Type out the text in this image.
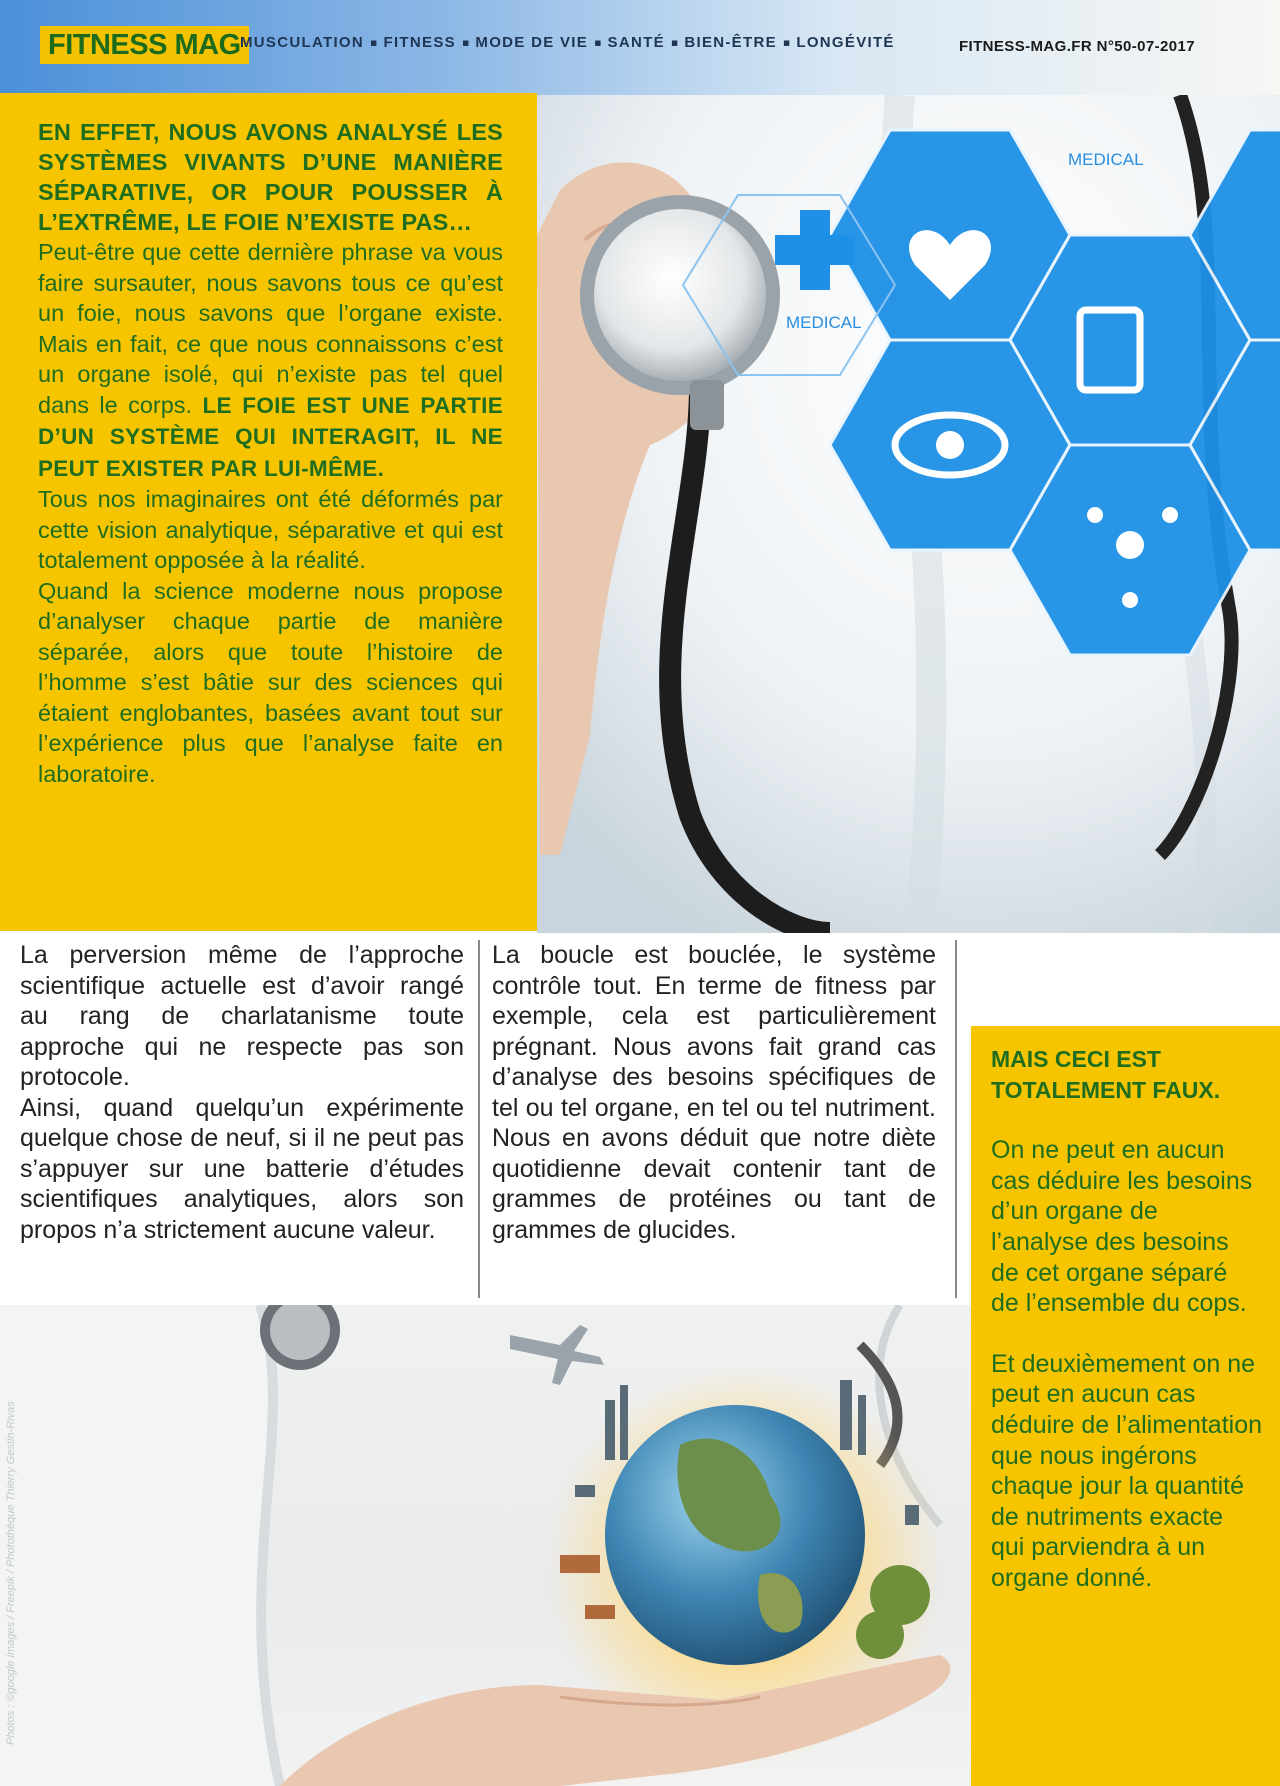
FITNESS MAG MUSCULATION ▪ FITNESS ▪ MODE DE VIE ▪ SANTÉ ▪ BIEN-ÊTRE ▪ LONGÉVITÉ	FITNESS-MAG.FR N°50-07-2017
MEDICAL
MEDICAL

EN EFFET, NOUS AVONS ANALYSÉ LES SYSTÈMES VIVANTS D’UNE MANIÈRE SÉPARATIVE, OR POUR POUSSER À L’EXTRÊME, LE FOIE N’EXISTE PAS…

Peut-être que cette dernière phrase va vous faire sursauter, nous savons tous ce qu’est un foie, nous savons que l’organe existe. Mais en fait, ce que nous connaissons c’est un organe isolé, qui n’existe pas tel quel dans le corps. LE FOIE EST UNE PARTIE D’UN SYSTÈME QUI INTERAGIT, IL NE PEUT EXISTER PAR LUI-MÊME.

Tous nos imaginaires ont été déformés par cette vision analytique, séparative et qui est totalement opposée à la réalité.

Quand la science moderne nous propose d’analyser chaque partie de manière séparée, alors que toute l’histoire de l’homme s’est bâtie sur des sciences qui étaient englobantes, basées avant tout sur l’expérience plus que l’analyse faite en laboratoire.

La perversion même de l’approche scientifique actuelle est d’avoir rangé au rang de charlatanisme toute approche qui ne respecte pas son protocole.

Ainsi, quand quelqu’un expérimente quelque chose de neuf, si il ne peut pas s’appuyer sur une batterie d’études scientifiques analytiques, alors son propos n’a strictement aucune valeur.

La boucle est bouclée, le système contrôle tout. En terme de fitness par exemple, cela est particulièrement prégnant. Nous avons fait grand cas d’analyse des besoins spécifiques de tel ou tel organe, en tel ou tel nutriment. Nous en avons déduit que notre diète quotidienne devait contenir tant de grammes de protéines ou tant de grammes de glucides.

MAIS CECI EST TOTALEMENT FAUX.

On ne peut en aucun cas déduire les besoins d’un organe de l’analyse des besoins de cet organe séparé de l’ensemble du cops.

Et deuxièmement on ne peut en aucun cas déduire de l’alimentation que nous ingérons chaque jour la quantité de nutriments exacte qui parviendra à un organe donné.

Photos : ©google images / Freepik / Photothèque Thierry Gestin-Rivas
